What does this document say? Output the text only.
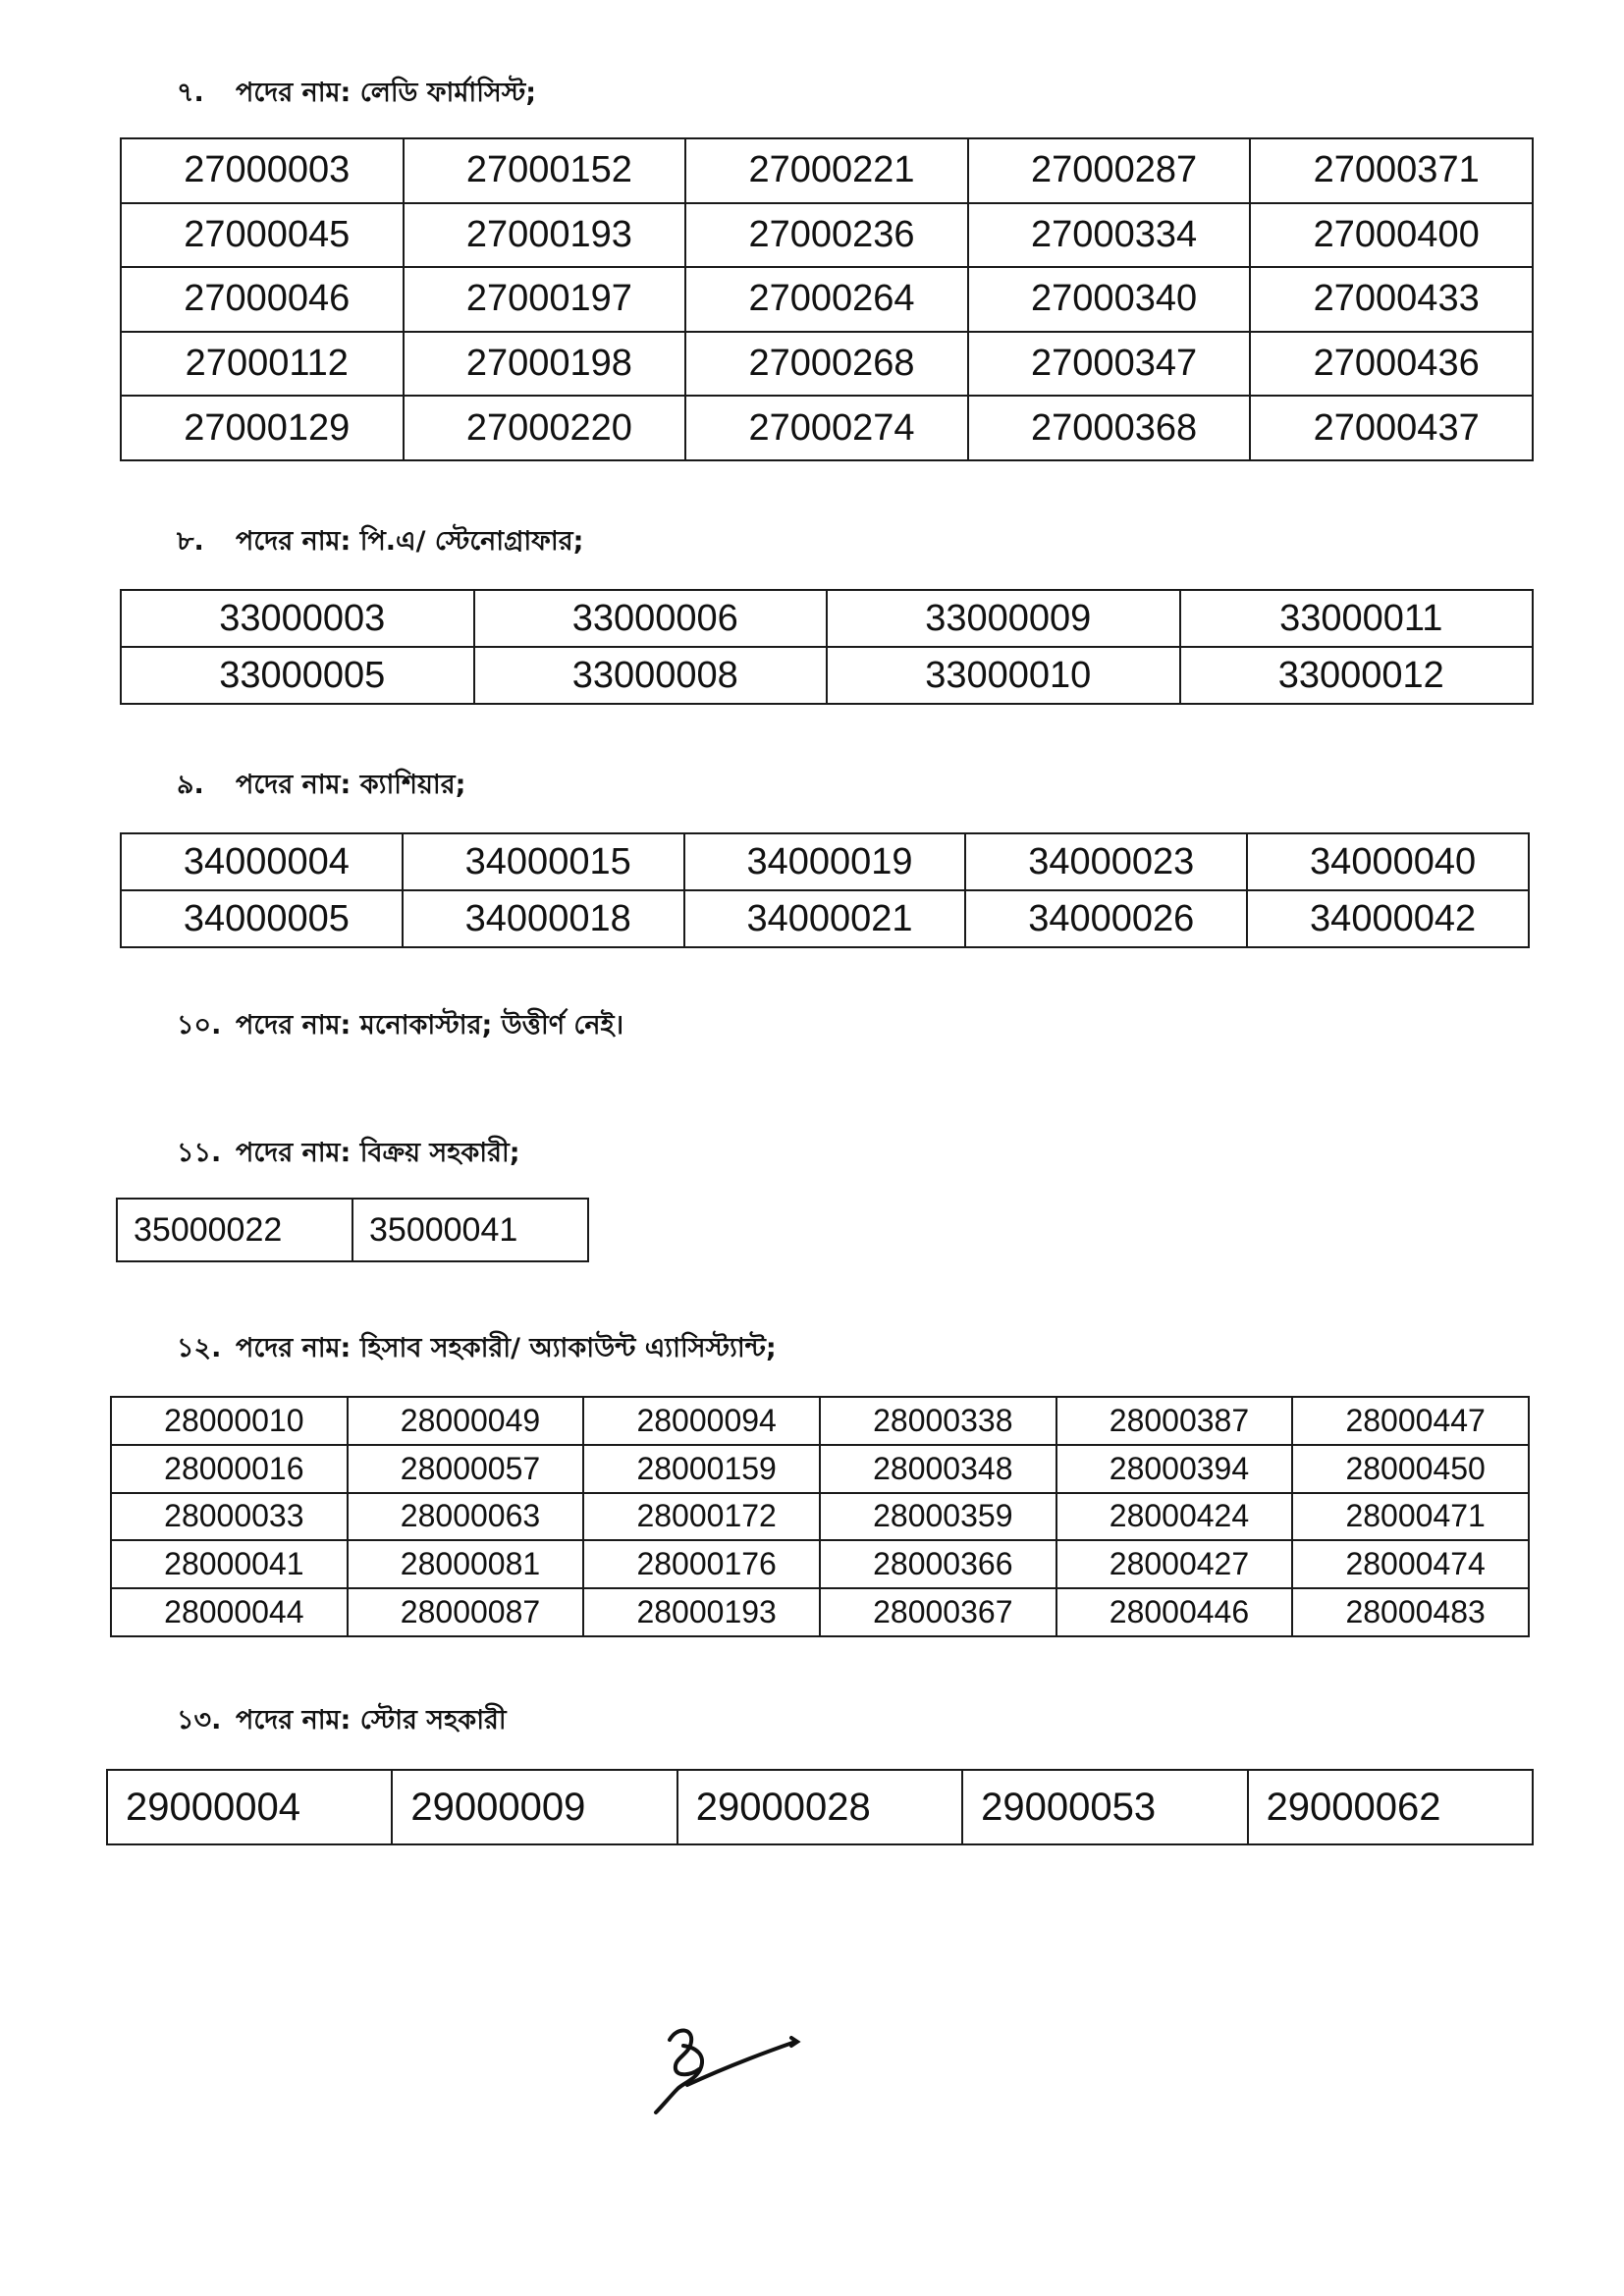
৭. পদের নাম: লেডি ফার্মাসিস্ট;
27000003	27000152	27000221	27000287	27000371
27000045	27000193	27000236	27000334	27000400
27000046	27000197	27000264	27000340	27000433
27000112	27000198	27000268	27000347	27000436
27000129	27000220	27000274	27000368	27000437
৮. পদের নাম: পি.এ/ স্টেনোগ্রাফার;
33000003	33000006	33000009	33000011
33000005	33000008	33000010	33000012
৯. পদের নাম: ক্যাশিয়ার;
34000004	34000015	34000019	34000023	34000040
34000005	34000018	34000021	34000026	34000042
১০. পদের নাম: মনোকাস্টার; উত্তীর্ণ নেই।
১১. পদের নাম: বিক্রয় সহকারী;
35000022	35000041
১২. পদের নাম: হিসাব সহকারী/ অ্যাকাউন্ট এ্যাসিস্ট্যান্ট;
28000010	28000049	28000094	28000338	28000387	28000447
28000016	28000057	28000159	28000348	28000394	28000450
28000033	28000063	28000172	28000359	28000424	28000471
28000041	28000081	28000176	28000366	28000427	28000474
28000044	28000087	28000193	28000367	28000446	28000483
১৩. পদের নাম: স্টোর সহকারী
29000004	29000009	29000028	29000053	29000062
